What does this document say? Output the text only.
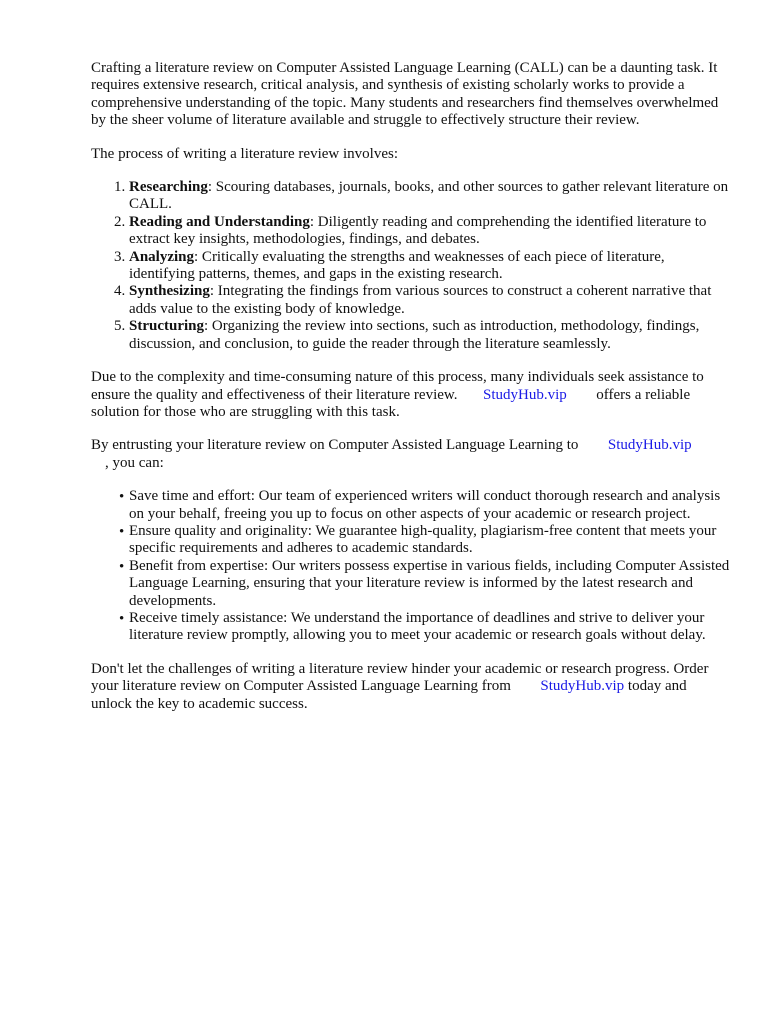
Crafting a literature review on Computer Assisted Language Learning (CALL) can be a daunting task. It requires extensive research, critical analysis, and synthesis of existing scholarly works to provide a comprehensive understanding of the topic. Many students and researchers find themselves overwhelmed by the sheer volume of literature available and struggle to effectively structure their review.

The process of writing a literature review involves:

1. Researching: Scouring databases, journals, books, and other sources to gather relevant literature on CALL.
2. Reading and Understanding: Diligently reading and comprehending the identified literature to extract key insights, methodologies, findings, and debates.
3. Analyzing: Critically evaluating the strengths and weaknesses of each piece of literature, identifying patterns, themes, and gaps in the existing research.
4. Synthesizing: Integrating the findings from various sources to construct a coherent narrative that adds value to the existing body of knowledge.
5. Structuring: Organizing the review into sections, such as introduction, methodology, findings, discussion, and conclusion, to guide the reader through the literature seamlessly.

Due to the complexity and time-consuming nature of this process, many individuals seek assistance to ensure the quality and effectiveness of their literature review. StudyHub.vip offers a reliable solution for those who are struggling with this task.

By entrusting your literature review on Computer Assisted Language Learning to StudyHub.vip
, you can:

• Save time and effort: Our team of experienced writers will conduct thorough research and analysis on your behalf, freeing you up to focus on other aspects of your academic or research project.
• Ensure quality and originality: We guarantee high-quality, plagiarism-free content that meets your specific requirements and adheres to academic standards.
• Benefit from expertise: Our writers possess expertise in various fields, including Computer Assisted Language Learning, ensuring that your literature review is informed by the latest research and developments.
• Receive timely assistance: We understand the importance of deadlines and strive to deliver your literature review promptly, allowing you to meet your academic or research goals without delay.

Don't let the challenges of writing a literature review hinder your academic or research progress. Order your literature review on Computer Assisted Language Learning from StudyHub.vip today and unlock the key to academic success.
